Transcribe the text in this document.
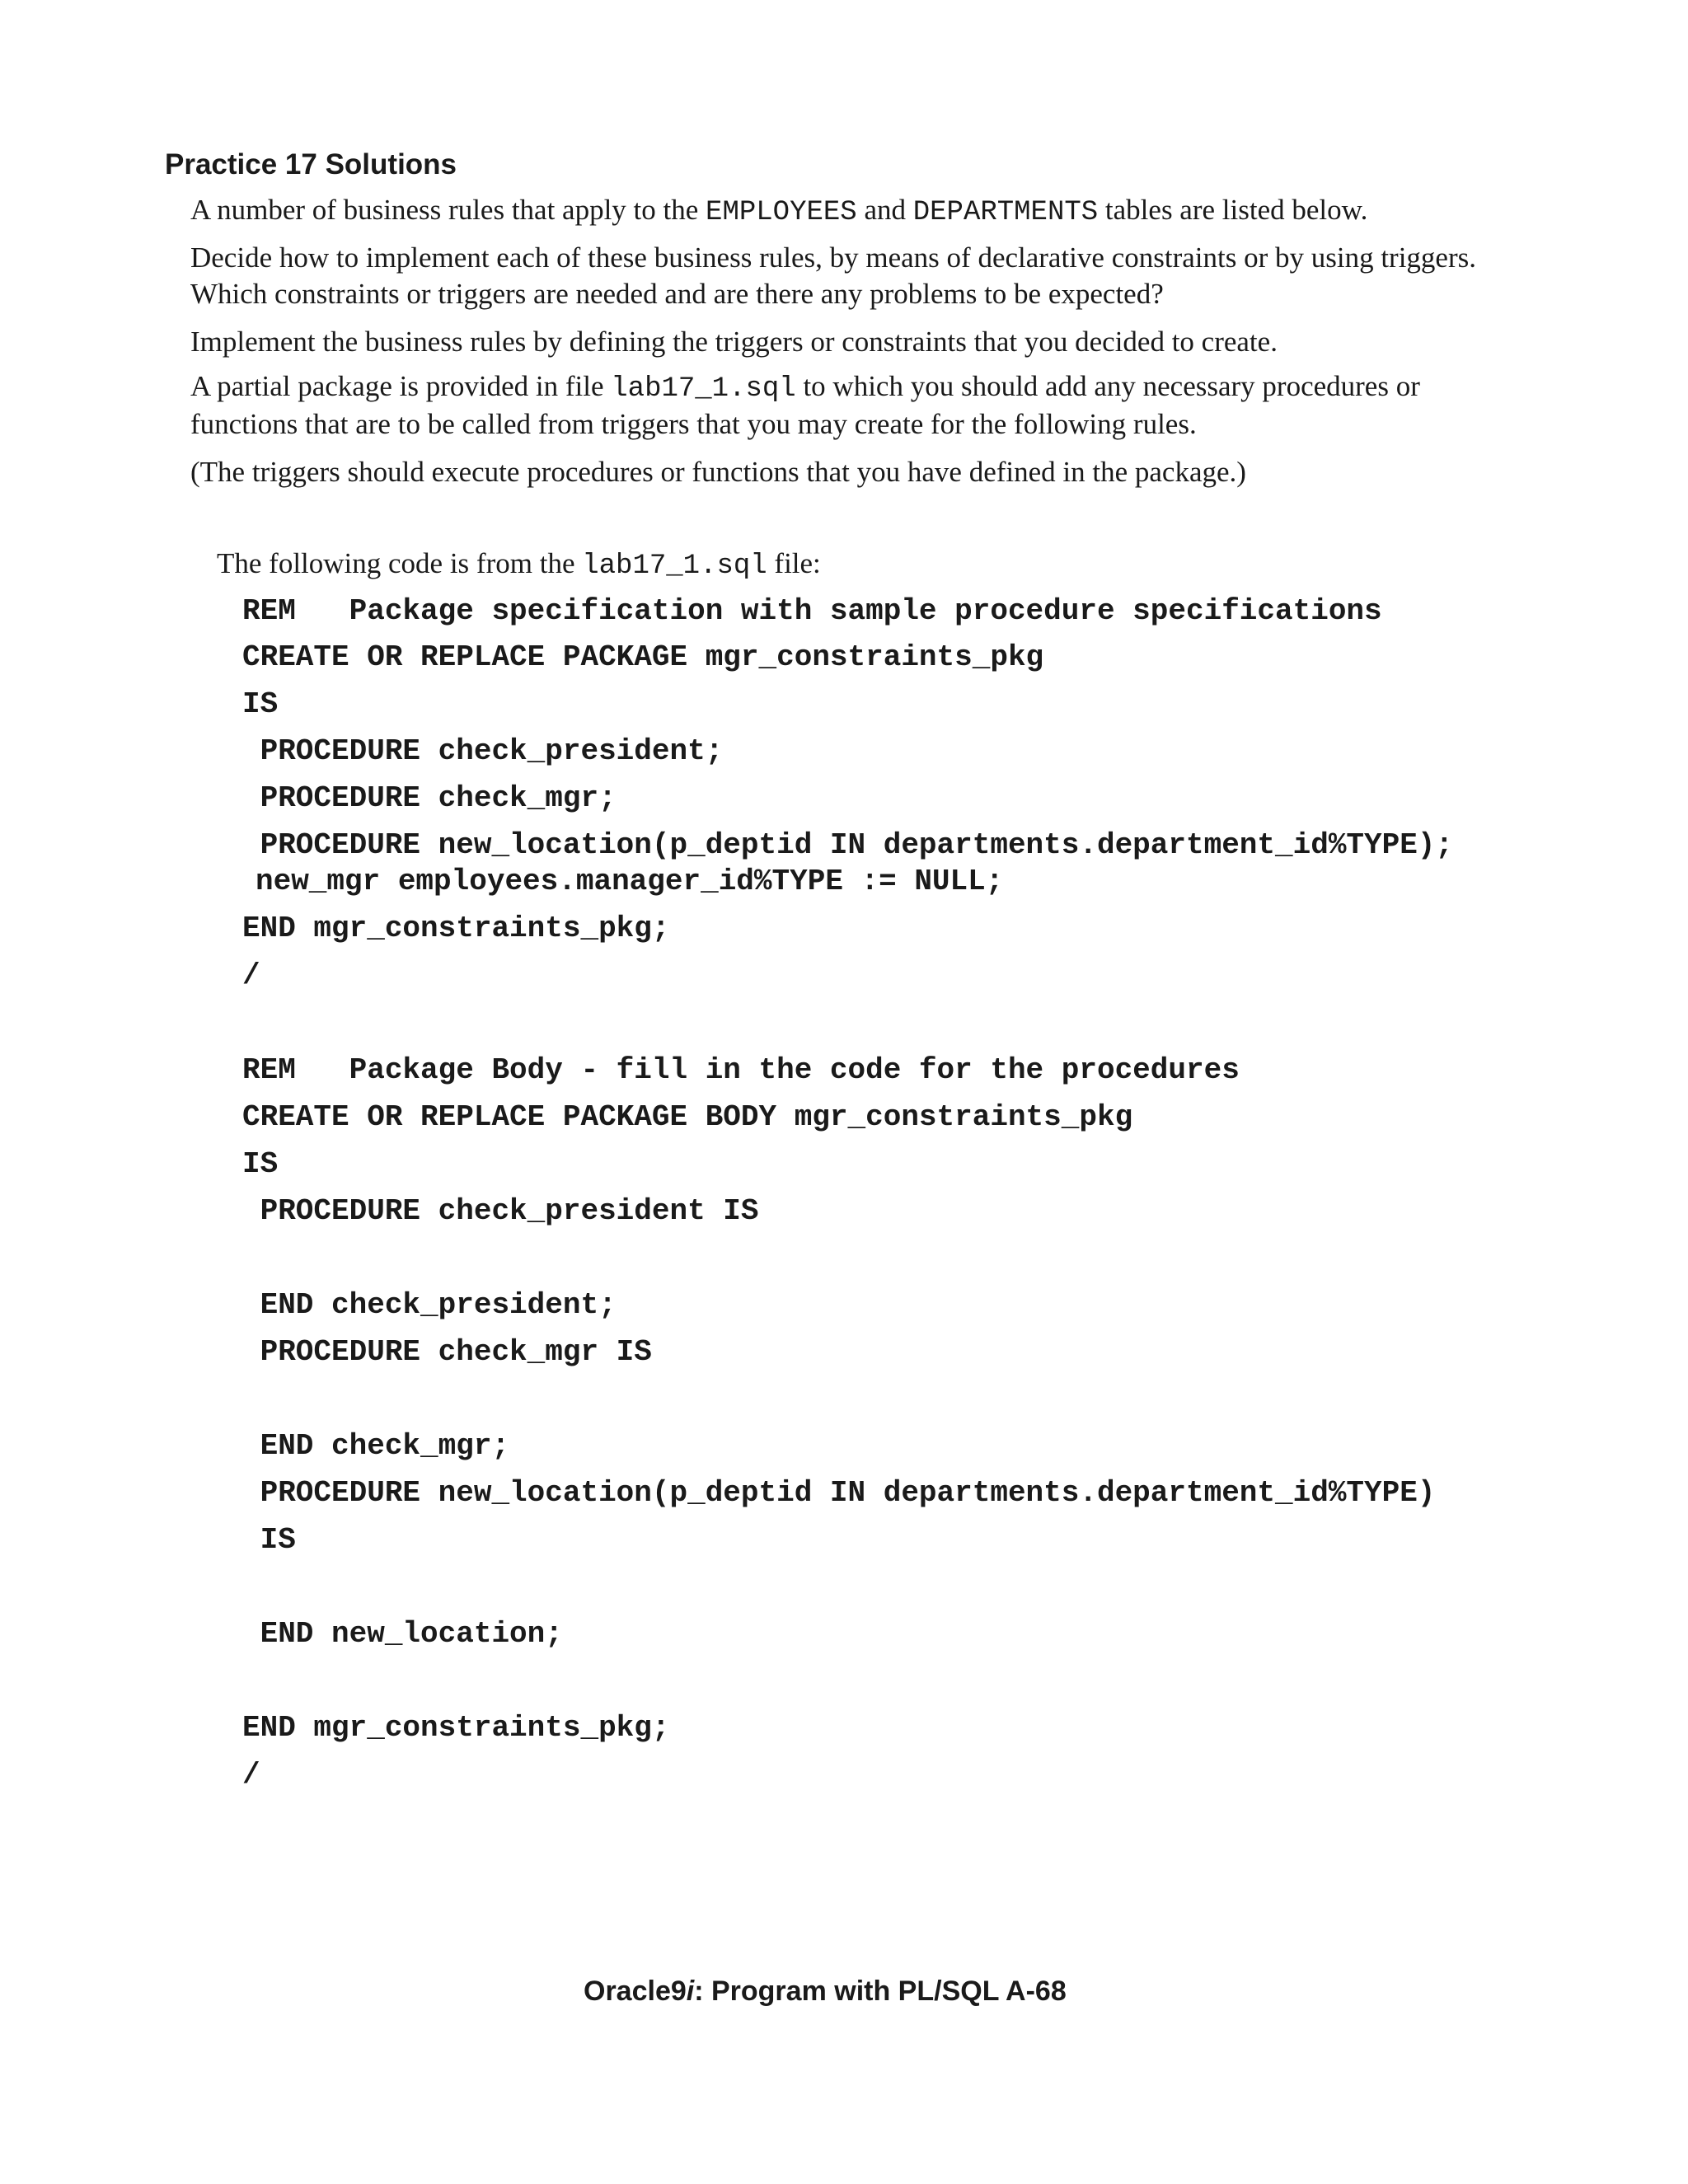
Practice 17 Solutions
A number of business rules that apply to the EMPLOYEES and DEPARTMENTS tables are listed below.
Decide how to implement each of these business rules, by means of declarative constraints or by using triggers.
Which constraints or triggers are needed and are there any problems to be expected?
Implement the business rules by defining the triggers or constraints that you decided to create.
A partial package is provided in file lab17_1.sql to which you should add any necessary procedures or
functions that are to be called from triggers that you may create for the following rules.
(The triggers should execute procedures or functions that you have defined in the package.)
The following code is from the lab17_1.sql file:
REM   Package specification with sample procedure specifications
CREATE OR REPLACE PACKAGE mgr_constraints_pkg
IS
PROCEDURE check_president;
PROCEDURE check_mgr;
PROCEDURE new_location(p_deptid IN departments.department_id%TYPE);
new_mgr employees.manager_id%TYPE := NULL;
END mgr_constraints_pkg;
/
REM   Package Body - fill in the code for the procedures
CREATE OR REPLACE PACKAGE BODY mgr_constraints_pkg
IS
PROCEDURE check_president IS
END check_president;
PROCEDURE check_mgr IS
END check_mgr;
PROCEDURE new_location(p_deptid IN departments.department_id%TYPE)
IS
END new_location;
END mgr_constraints_pkg;
/
Oracle9i: Program with PL/SQL A-68
